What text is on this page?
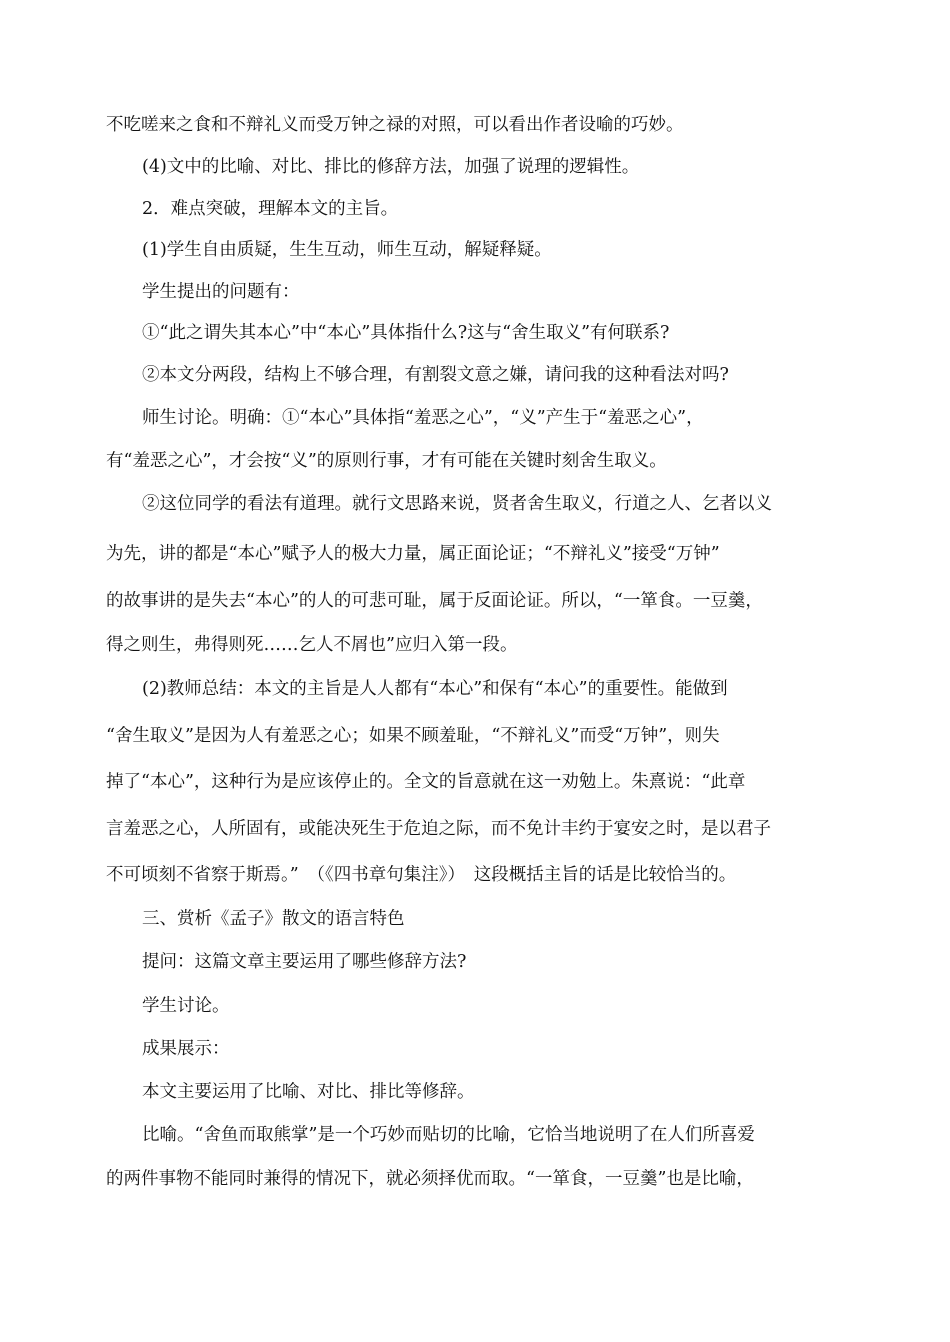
不吃嗟来之食和不辩礼义而受万钟之禄的对照，可以看出作者设喻的巧妙。
(4)文中的比喻、对比、排比的修辞方法，加强了说理的逻辑性。
2．难点突破，理解本文的主旨。
(1)学生自由质疑，生生互动，师生互动，解疑释疑。
学生提出的问题有：
①“此之谓失其本心”中“本心”具体指什么?这与“舍生取义”有何联系?
②本文分两段，结构上不够合理，有割裂文意之嫌，请问我的这种看法对吗?
师生讨论。明确：①“本心”具体指“羞恶之心”，“义”产生于“羞恶之心”，
有“羞恶之心”，才会按“义”的原则行事，才有可能在关键时刻舍生取义。
②这位同学的看法有道理。就行文思路来说，贤者舍生取义，行道之人、乞者以义
为先，讲的都是“本心”赋予人的极大力量，属正面论证；“不辩礼义”接受“万钟”
的故事讲的是失去“本心”的人的可悲可耻，属于反面论证。所以，“一箪食。一豆羹，
得之则生，弗得则死……乞人不屑也”应归入第一段。
(2)教师总结：本文的主旨是人人都有“本心”和保有“本心”的重要性。能做到
“舍生取义”是因为人有羞恶之心；如果不顾羞耻，“不辩礼义”而受“万钟”，则失
掉了“本心”，这种行为是应该停止的。全文的旨意就在这一劝勉上。朱熹说：“此章
言羞恶之心，人所固有，或能决死生于危迫之际，而不免计丰约于宴安之时，是以君子
不可顷刻不省察于斯焉。”　（《四书章句集注》）　这段概括主旨的话是比较恰当的。
三、赏析《孟子》散文的语言特色
提问：这篇文章主要运用了哪些修辞方法?
学生讨论。
成果展示：
本文主要运用了比喻、对比、排比等修辞。
比喻。“舍鱼而取熊掌”是一个巧妙而贴切的比喻，它恰当地说明了在人们所喜爱
的两件事物不能同时兼得的情况下，就必须择优而取。“一箪食，一豆羹”也是比喻，
